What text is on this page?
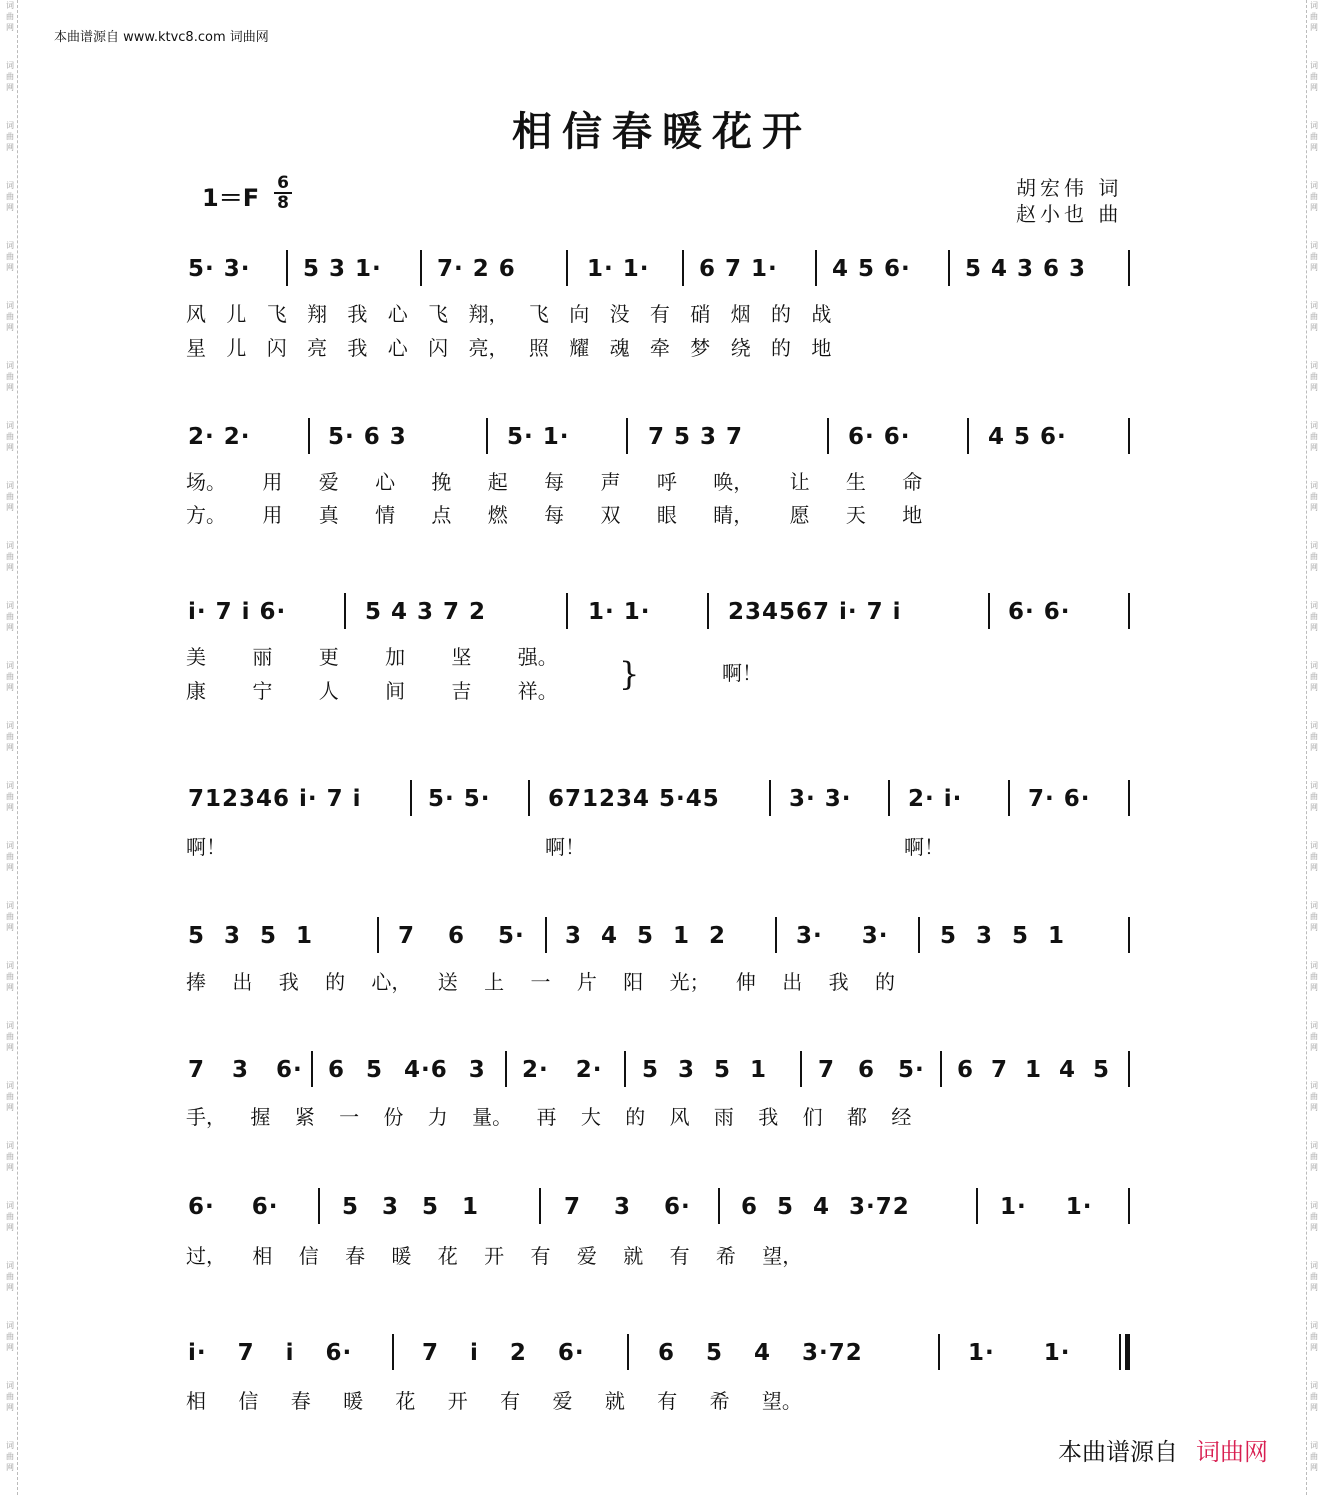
词
曲
网
词
曲
网
词
曲
网
词
曲
网
词
曲
网
词
曲
网
词
曲
网
词
曲
网
词
曲
网
词
曲
网
词
曲
网
词
曲
网
词
曲
网
词
曲
网
词
曲
网
词
曲
网
词
曲
网
词
曲
网
词
曲
网
词
曲
网
词
曲
网
词
曲
网
词
曲
网
词
曲
网
词
曲
网
词
曲
网
词
曲
网
词
曲
网
词
曲
网
词
曲
网
词
曲
网
词
曲
网
词
曲
网
词
曲
网
词
曲
网
词
曲
网
词
曲
网
词
曲
网
词
曲
网
词
曲
网
词
曲
网
词
曲
网
词
曲
网
词
曲
网
词
曲
网
词
曲
网
词
曲
网
词
曲
网
词
曲
网
词
曲
网
本曲谱源自 www.ktvc8.com 词曲网
相信春暖花开
1＝F
6
8
胡宏伟 词
赵小也 曲
5· 3· 5 3 1· 7· 2 6	1· 1· 6 7 1· 4 5 6· 5 4 3 6 3
风 儿 飞 翔 我 心 飞 翔， 飞 向 没 有 硝 烟 的 战
星 儿 闪 亮 我 心 闪 亮， 照 耀 魂 牵 梦 绕 的 地
2· 2·	5· 6 3	5· 1·	7 5 3 7	6· 6·	4 5 6·
场。 用 爱 心 挽 起 每 声 呼 唤， 让 生 命
方。 用 真 情 点 燃 每 双 眼 睛， 愿 天 地
i· 7 i 6·	5 4 3 7 2	1· 1·	234567 i· 7 i	6· 6·
美 丽 更 加 坚 强。
康 宁 人 间 吉 祥。 }	啊！
712346 i· 7 i	5· 5·	671234 5·45	3· 3· 2· i·	7· 6·
啊！	啊！	啊！
5 3 5 1	7 6 5· 3 4 5 1 2	3· 3· 5 3 5 1
捧 出 我 的 心， 送 上 一 片 阳 光； 伸 出 我 的
7 3 6· 6 5 4·6 3 2· 2· 5 3 5 1 7 6 5· 6 7 1 4 5
手， 握 紧 一 份 力 量。 再 大 的 风 雨 我 们 都 经
6· 6·	5 3 5 1	7 3 6· 6 5 4 3·72	1· 1·
过， 相 信 春 暖 花 开 有 爱 就 有 希 望，
i· 7 i 6·	7 i 2 6·	6 5 4 3·72	1· 1·
相 信 春 暖 花 开 有 爱 就 有 希 望。
本曲谱源自 词曲网
